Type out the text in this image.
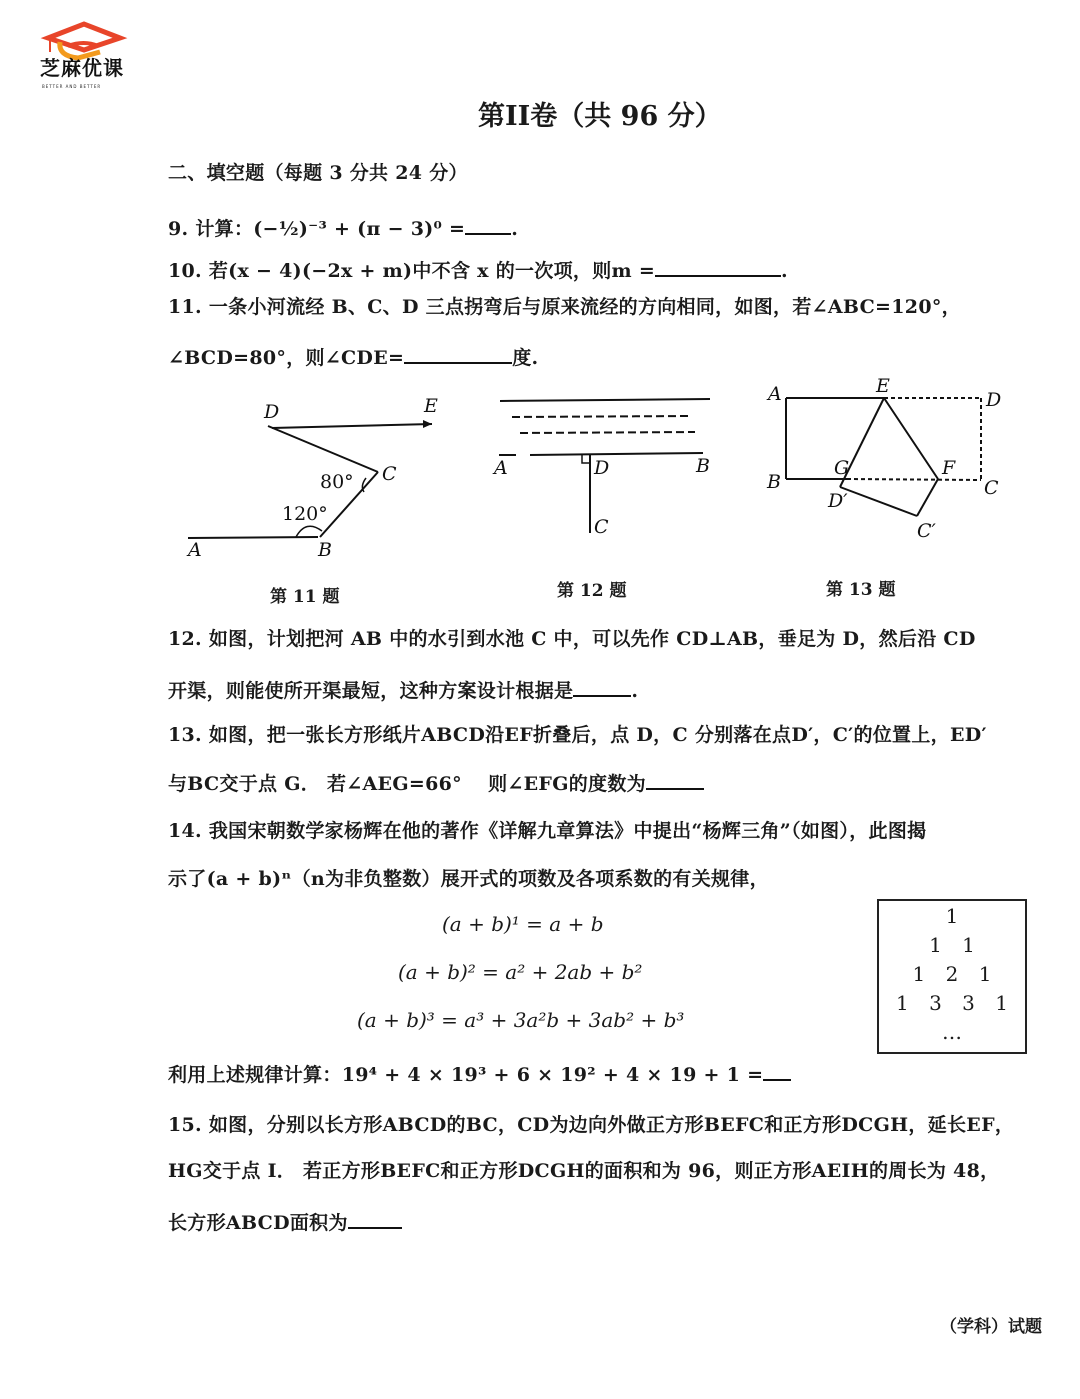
芝麻优课
BETTER AND BETTER
第II卷（共 96 分）
二、填空题（每题 3 分共 24 分）
9. 计算：(−½)⁻³ + (π − 3)⁰ = .
10. 若(x − 4)(−2x + m)中不含 x 的一次项，则m =	.
11. 一条小河流经 B、C、D 三点拐弯后与原来流经的方向相同，如图，若∠ABC=120°，
∠BCD=80°，则∠CDE=	度.
D	E
C
80°
120°
A	B
A	D	B
C
A	E
D
B
G	F
C
D′
C′
第 11 题	第 12 题	第 13 题
12. 如图，计划把河 AB 中的水引到水池 C 中，可以先作 CD⊥AB，垂足为 D，然后沿 CD
开渠，则能使所开渠最短，这种方案设计根据是	.
13. 如图，把一张长方形纸片ABCD沿EF折叠后，点 D，C 分别落在点D′，C′的位置上，ED′
与BC交于点 G． 若∠AEG=66°　 则∠EFG的度数为
14. 我国宋朝数学家杨辉在他的著作《详解九章算法》中提出“杨辉三角”（如图），此图揭
示了(a + b)ⁿ（n为非负整数）展开式的项数及各项系数的有关规律，
(a + b)¹ = a + b
(a + b)² = a² + 2ab + b²
(a + b)³ = a³ + 3a²b + 3ab² + b³
1
1 1
1 2 1
1 3 3 1
…
利用上述规律计算：19⁴ + 4 × 19³ + 6 × 19² + 4 × 19 + 1 =
15. 如图，分别以长方形ABCD的BC，CD为边向外做正方形BEFC和正方形DCGH，延长EF，
HG交于点 I． 若正方形BEFC和正方形DCGH的面积和为 96，则正方形AEIH的周长为 48，
长方形ABCD面积为
（学科）试题
